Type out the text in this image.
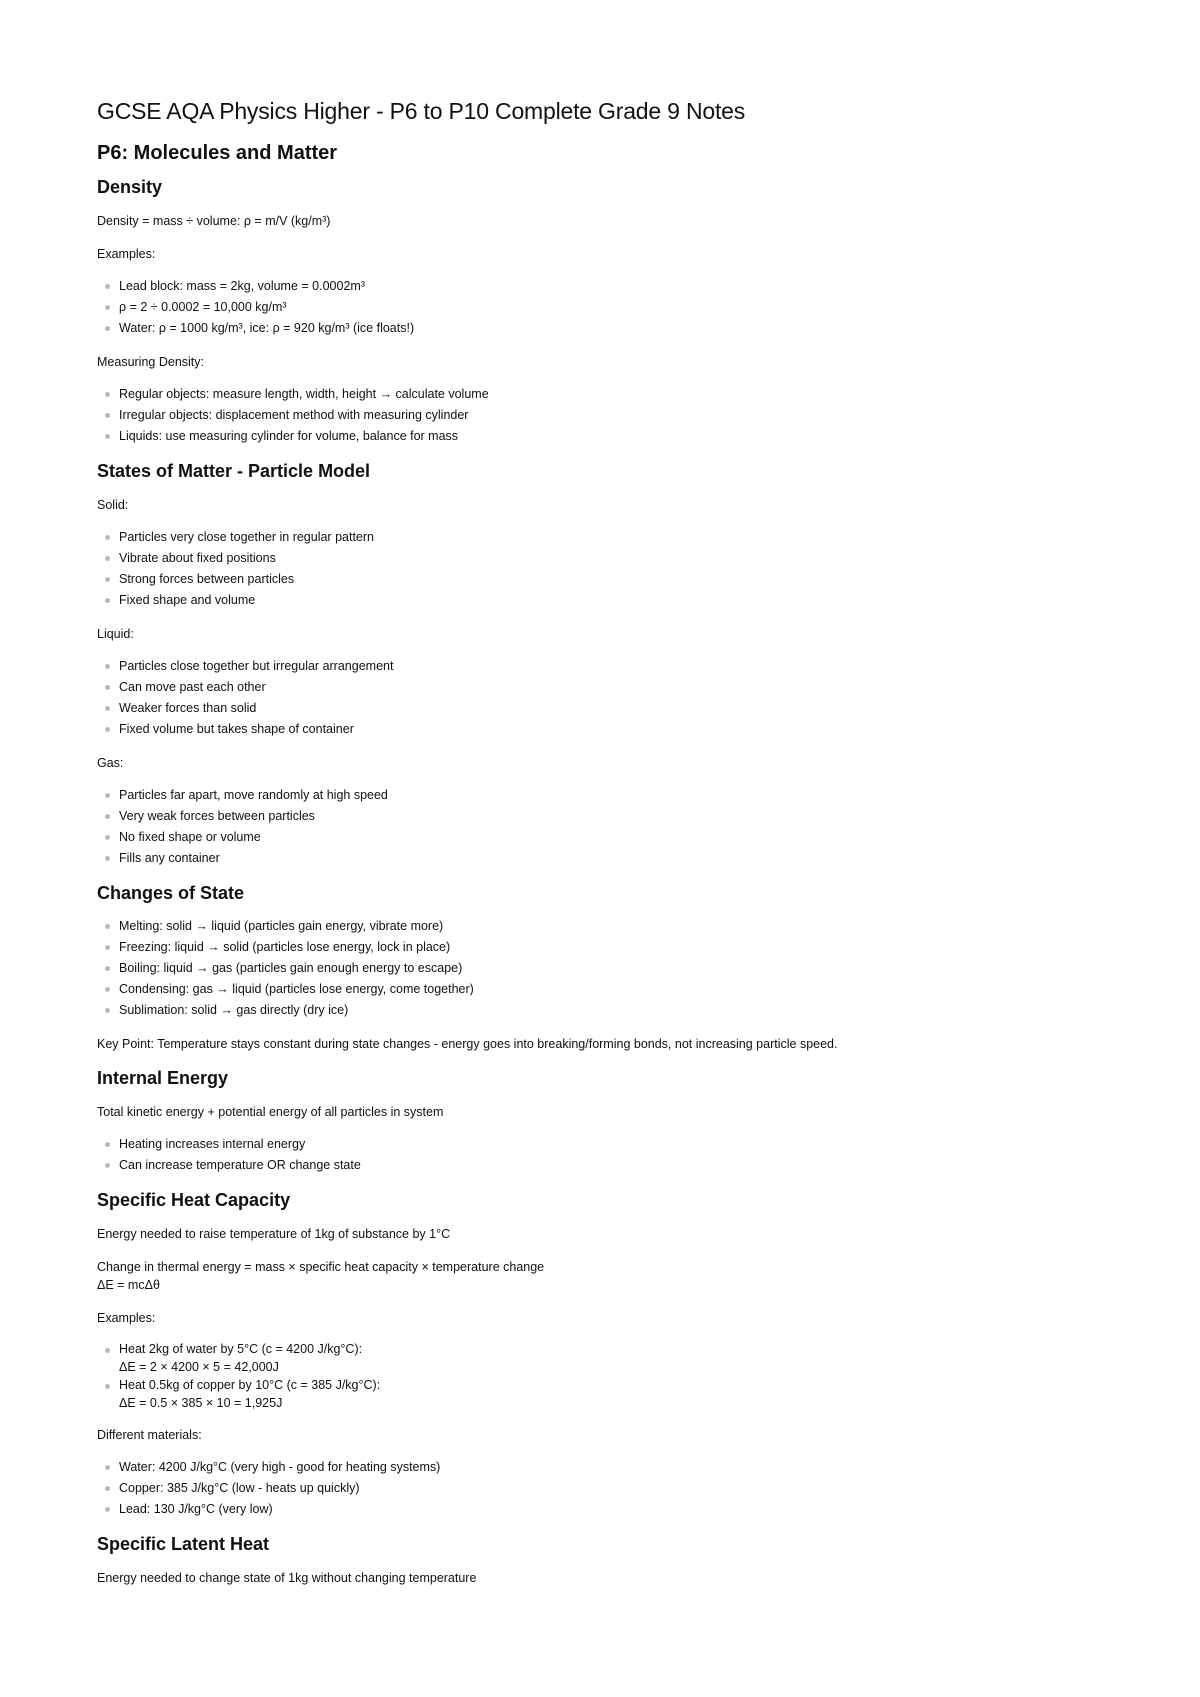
GCSE AQA Physics Higher - P6 to P10 Complete Grade 9 Notes
P6: Molecules and Matter
Density

Density = mass ÷ volume: ρ = m/V (kg/m³)

Examples:

Lead block: mass = 2kg, volume = 0.0002m³
ρ = 2 ÷ 0.0002 = 10,000 kg/m³
Water: ρ = 1000 kg/m³, ice: ρ = 920 kg/m³ (ice floats!)

Measuring Density:

Regular objects: measure length, width, height → calculate volume
Irregular objects: displacement method with measuring cylinder
Liquids: use measuring cylinder for volume, balance for mass
States of Matter - Particle Model

Solid:

Particles very close together in regular pattern
Vibrate about fixed positions
Strong forces between particles
Fixed shape and volume

Liquid:

Particles close together but irregular arrangement
Can move past each other
Weaker forces than solid
Fixed volume but takes shape of container

Gas:

Particles far apart, move randomly at high speed
Very weak forces between particles
No fixed shape or volume
Fills any container
Changes of State
Melting: solid → liquid (particles gain energy, vibrate more)
Freezing: liquid → solid (particles lose energy, lock in place)
Boiling: liquid → gas (particles gain enough energy to escape)
Condensing: gas → liquid (particles lose energy, come together)
Sublimation: solid → gas directly (dry ice)

Key Point: Temperature stays constant during state changes - energy goes into breaking/forming bonds, not increasing particle speed.

Internal Energy

Total kinetic energy + potential energy of all particles in system

Heating increases internal energy
Can increase temperature OR change state
Specific Heat Capacity

Energy needed to raise temperature of 1kg of substance by 1°C

Change in thermal energy = mass × specific heat capacity × temperature change
ΔE = mcΔθ

Examples:

Heat 2kg of water by 5°C (c = 4200 J/kg°C):
ΔE = 2 × 4200 × 5 = 42,000J
Heat 0.5kg of copper by 10°C (c = 385 J/kg°C):
ΔE = 0.5 × 385 × 10 = 1,925J

Different materials:

Water: 4200 J/kg°C (very high - good for heating systems)
Copper: 385 J/kg°C (low - heats up quickly)
Lead: 130 J/kg°C (very low)
Specific Latent Heat

Energy needed to change state of 1kg without changing temperature
